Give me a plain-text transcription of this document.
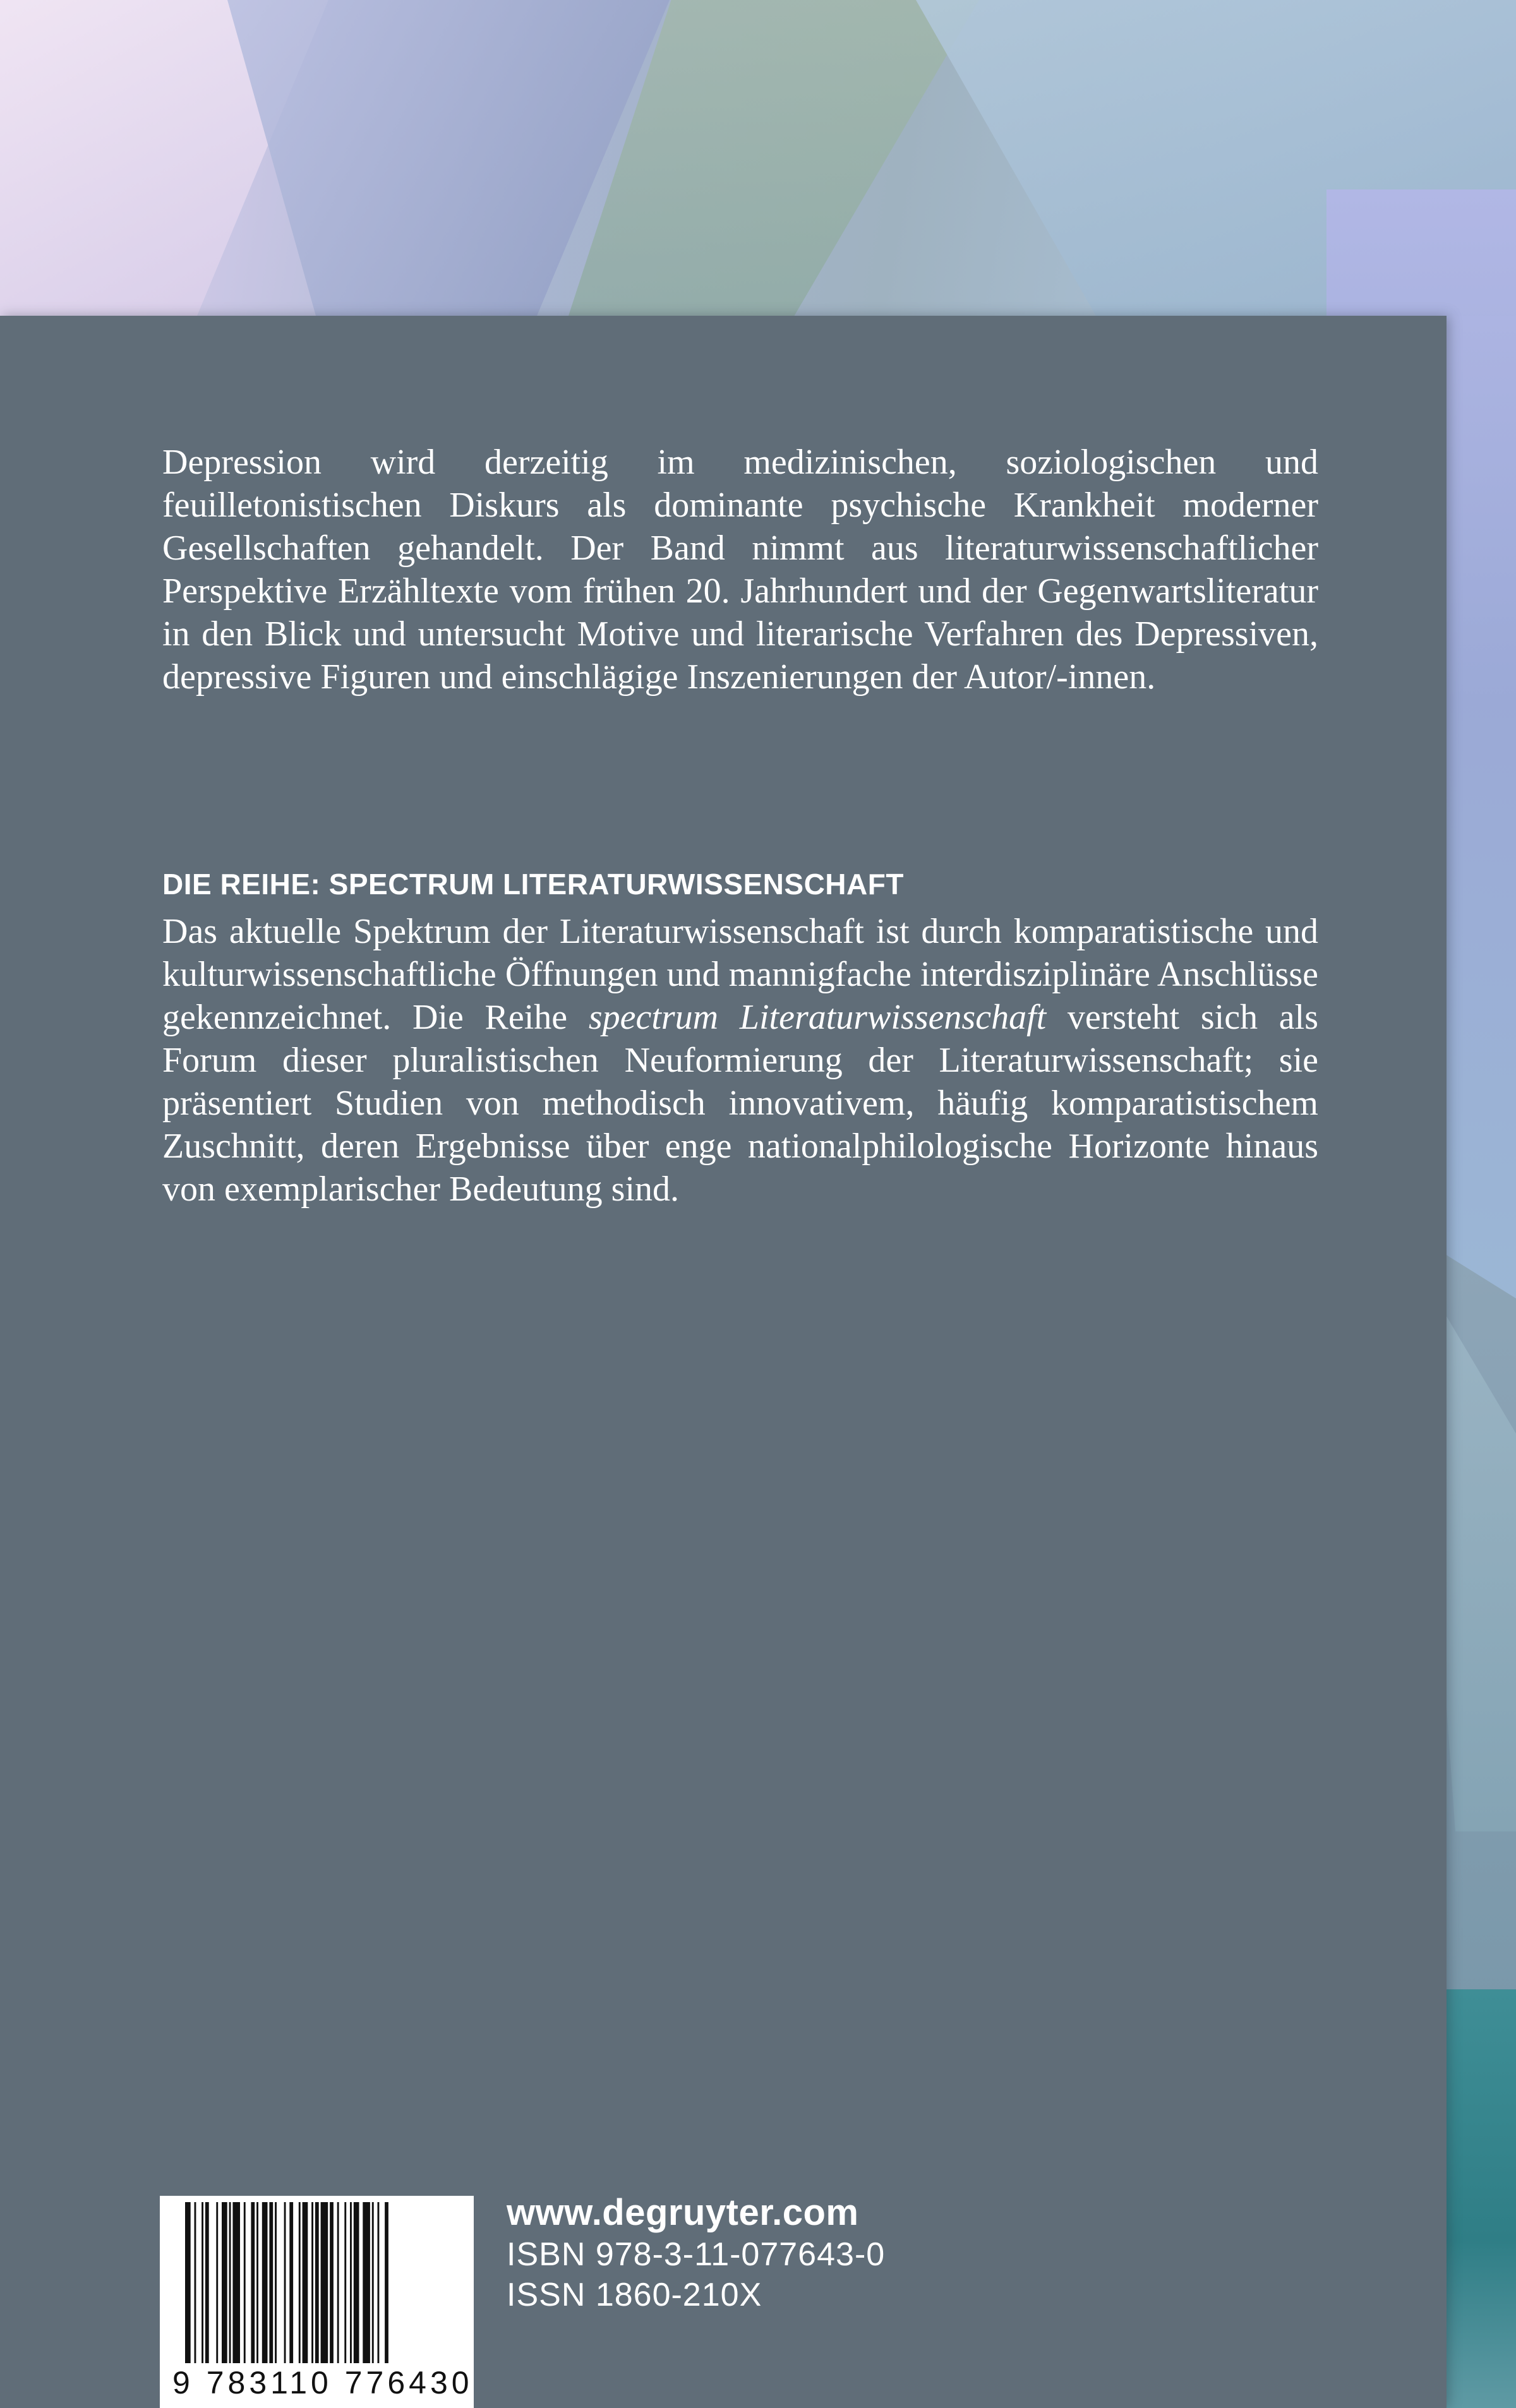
Depression wird derzeitig im medizinischen, soziologischen und feuilletonistischen Diskurs als dominante psychische Krankheit moderner Gesellschaften gehandelt. Der Band nimmt aus literaturwissenschaftlicher Perspektive Erzähltexte vom frühen 20. Jahrhundert und der Gegenwartsliteratur in den Blick und untersucht Motive und literarische Verfahren des Depressiven, depressive Figuren und einschlägige Inszenierungen der Autor/-innen.

DIE REIHE: SPECTRUM LITERATURWISSENSCHAFT

Das aktuelle Spektrum der Literaturwissenschaft ist durch komparatistische und kulturwissenschaftliche Öffnungen und mannigfache interdisziplinäre Anschlüsse gekennzeichnet. Die Reihe spectrum Literaturwissenschaft versteht sich als Forum dieser pluralistischen Neuformierung der Literaturwissenschaft; sie präsentiert Studien von methodisch innovativem, häufig komparatistischem Zuschnitt, deren Ergebnisse über enge nationalphilologische Horizonte hinaus von exemplarischer Bedeutung sind.

9 783110 776430
www.degruyter.com
ISBN 978-3-11-077643-0
ISSN 1860-210X
